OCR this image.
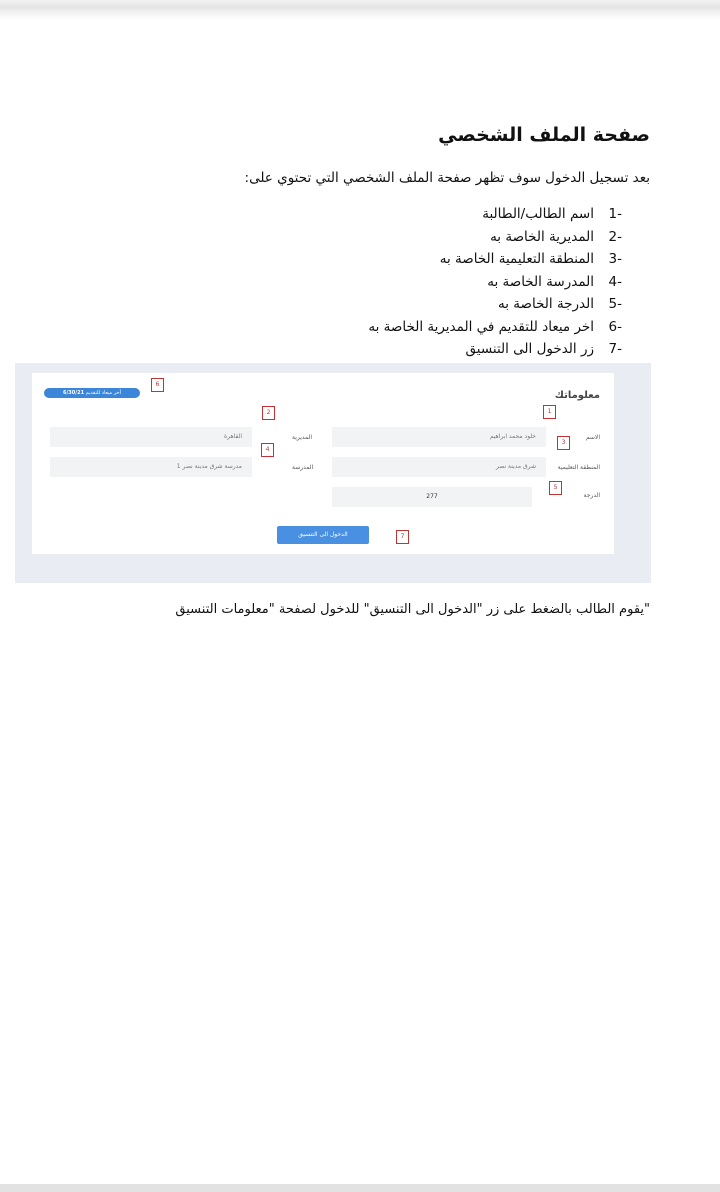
صفحة الملف الشخصي
بعد تسجيل الدخول سوف تظهر صفحة الملف الشخصي التي تحتوي على:
1-اسم الطالب/الطالبة
2-المديرية الخاصة به
3-المنطقة التعليمية الخاصة به
4-المدرسة الخاصة به
5-الدرجة الخاصة به
6-اخر ميعاد للتقديم في المديرية الخاصة به
7-زر الدخول الى التنسيق
معلوماتك
آخر ميعاد للتقديم 6/30/21
الاسم
خلود محمد ابراهيم
المديرية
القاهرة
المنطقة التعليمية
شرق مدينة نصر
المدرسة
مدرسة شرق مدينة نصر 1
الدرجة
277
الدخول الى التنسيق
1
2
3
4
5
6
7
"يقوم الطالب بالضغط على زر "الدخول الى التنسيق" للدخول لصفحة "معلومات التنسيق
